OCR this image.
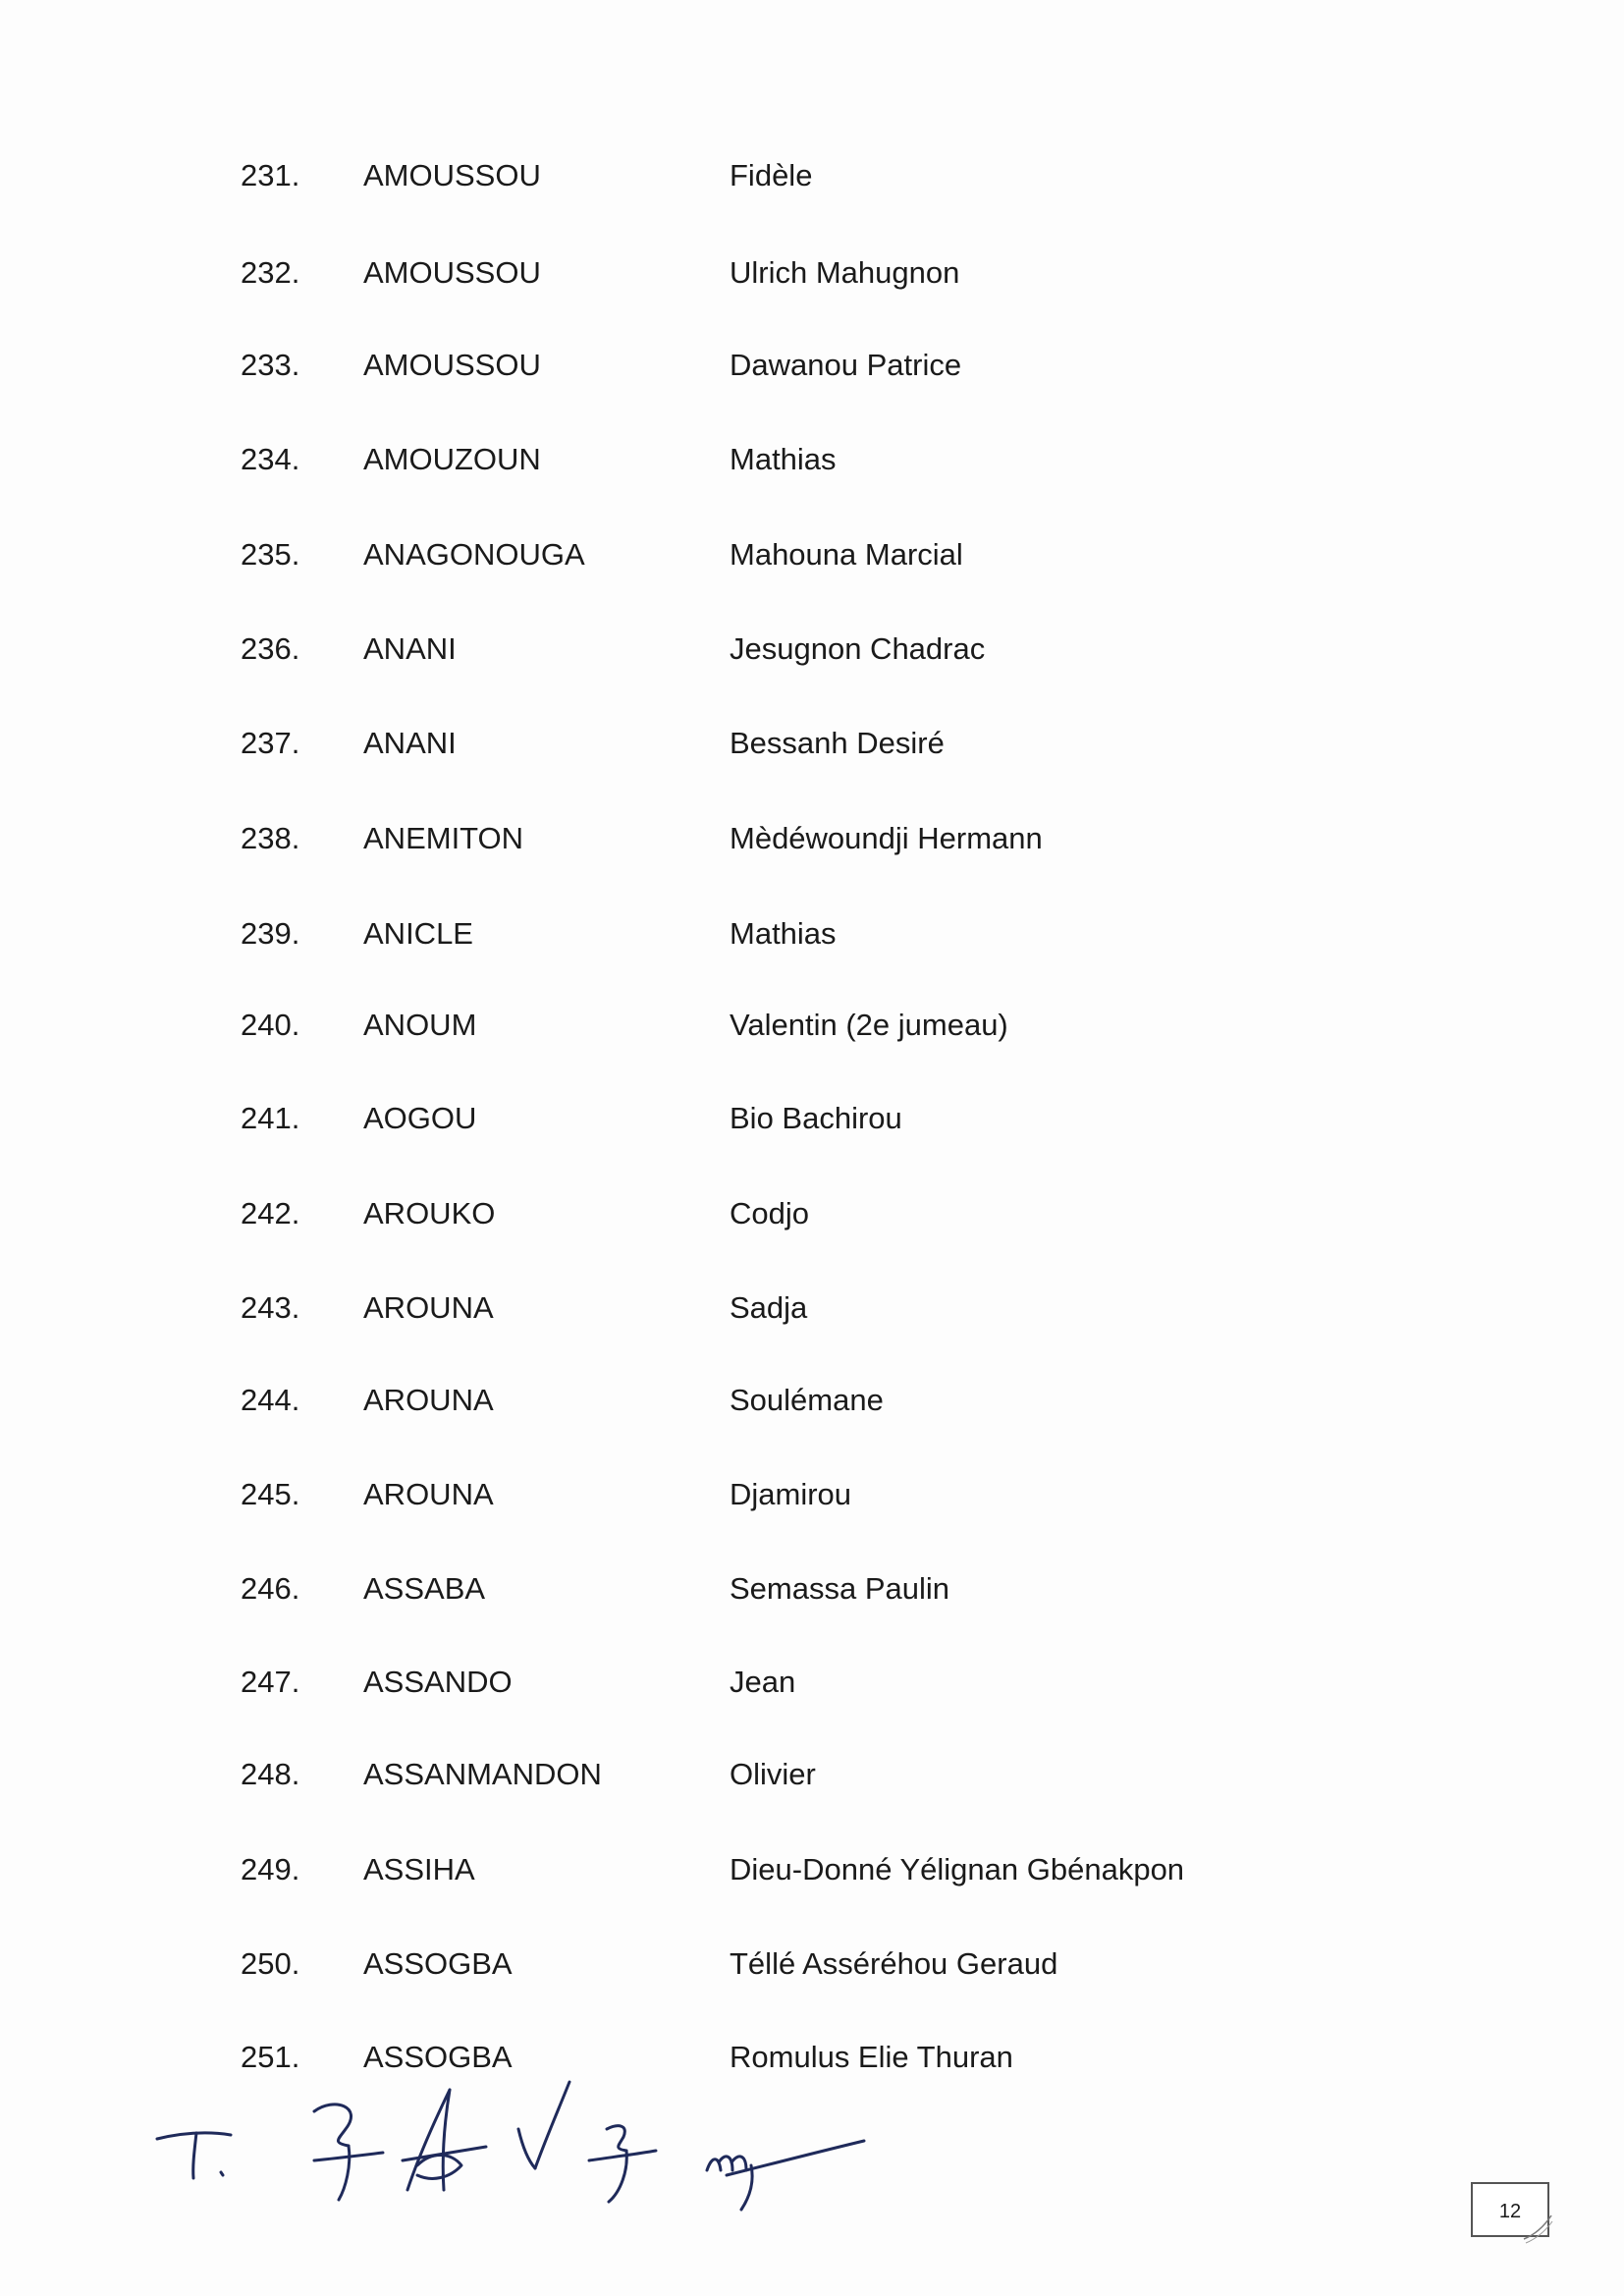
231.	AMOUSSOU	Fidèle
232.	AMOUSSOU	Ulrich Mahugnon
233.	AMOUSSOU	Dawanou Patrice
234.	AMOUZOUN	Mathias
235.	ANAGONOUGA	Mahouna Marcial
236.	ANANI	Jesugnon Chadrac
237.	ANANI	Bessanh Desiré
238.	ANEMITON	Mèdéwoundji Hermann
239.	ANICLE	Mathias
240.	ANOUM	Valentin (2e jumeau)
241.	AOGOU	Bio Bachirou
242.	AROUKO	Codjo
243.	AROUNA	Sadja
244.	AROUNA	Soulémane
245.	AROUNA	Djamirou
246.	ASSABA	Semassa Paulin
247.	ASSANDO	Jean
248.	ASSANMANDON	Olivier
249.	ASSIHA	Dieu-Donné Yélignan Gbénakpon
250.	ASSOGBA	Téllé Asséréhou Geraud
251.	ASSOGBA	Romulus Elie Thuran
12
